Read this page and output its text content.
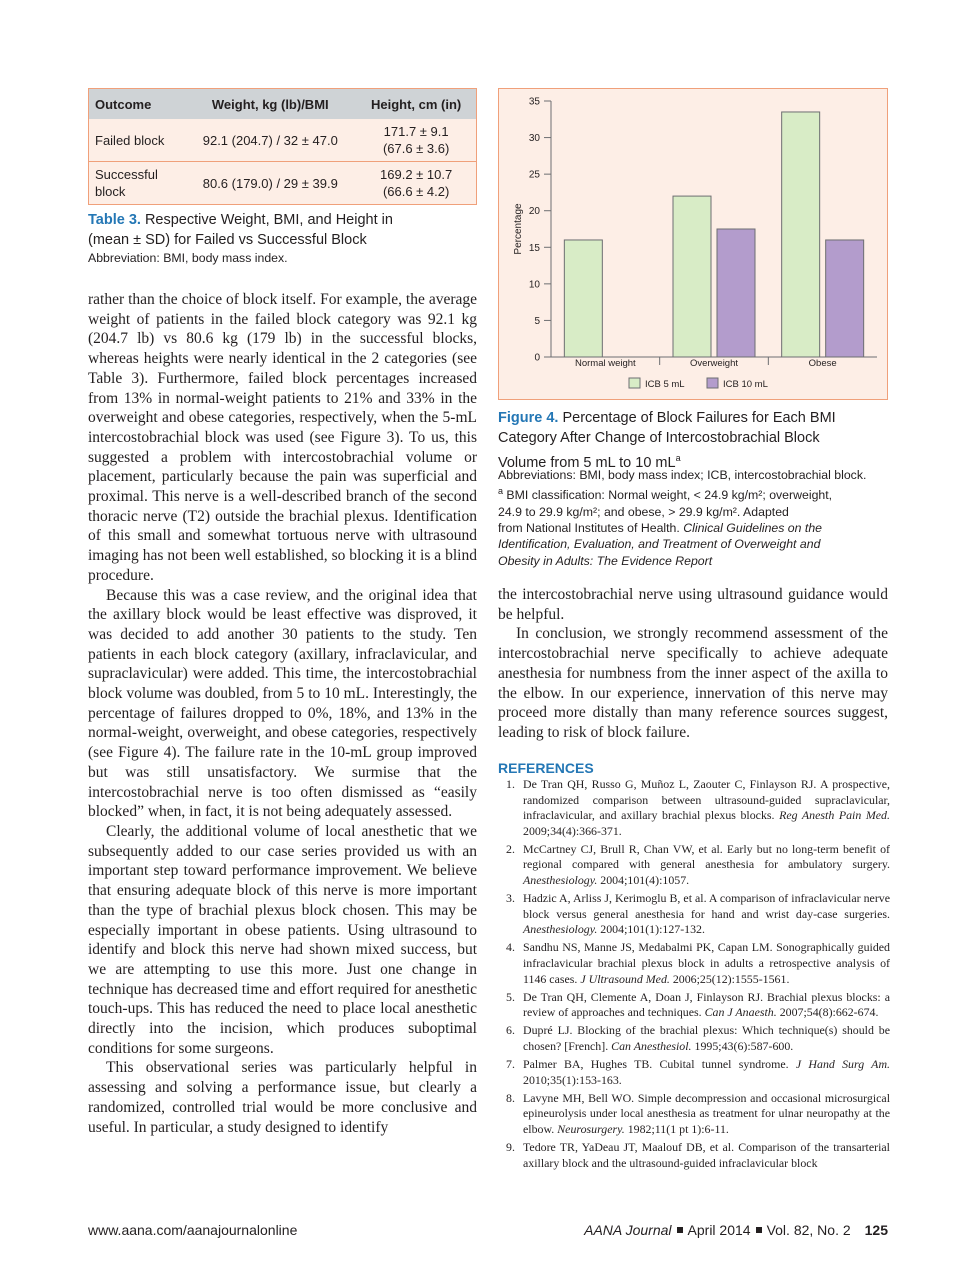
Outcome	Weight, kg (lb)/BMI	Height, cm (in)
Failed block	92.1 (204.7) / 32 ± 47.0	171.7 ± 9.1
(67.6 ± 3.6)
Successful
block	80.6 (179.0) / 29 ± 39.9	169.2 ± 10.7
(66.6 ± 4.2)
Table 3. Respective Weight, BMI, and Height in
(mean ± SD) for Failed vs Successful Block
Abbreviation: BMI, body mass index.

rather than the choice of block itself. For example, the average weight of patients in the failed block category was 92.1 kg (204.7 lb) vs 80.6 kg (179 lb) in the successful blocks, whereas heights were nearly identical in the 2 categories (see Table 3). Furthermore, failed block percentages increased from 13% in normal-weight patients to 21% and 33% in the overweight and obese categories, respectively, when the 5-mL intercostobrachial block was used (see Figure 3). To us, this suggested a problem with intercostobrachial volume or placement, particularly because the pain was superficial and proximal. This nerve is a well-described branch of the second thoracic nerve (T2) outside the brachial plexus. Identification of this small and somewhat tortuous nerve with ultrasound imaging has not been well established, so blocking it is a blind procedure.

Because this was a case review, and the original idea that the axillary block would be least effective was disproved, it was decided to add another 30 patients to the study. Ten patients in each block category (axillary, infraclavicular, and supraclavicular) were added. This time, the intercostobrachial block volume was doubled, from 5 to 10 mL. Interestingly, the percentage of failures dropped to 0%, 18%, and 13% in the normal-weight, overweight, and obese categories, respectively (see Figure 4). The failure rate in the 10-mL group improved but was still unsatisfactory. We surmise that the intercostobrachial nerve is too often dismissed as “easily blocked” when, in fact, it is not being adequately assessed.

Clearly, the additional volume of local anesthetic that we subsequently added to our case series provided us with an important step toward performance improvement. We believe that ensuring adequate block of this nerve is more important than the type of brachial plexus block chosen. This may be especially important in obese patients. Using ultrasound to identify and block this nerve had shown mixed success, but we are attempting to use this more. Just one change in technique has decreased time and effort required for anesthetic touch-ups. This has reduced the need to place local anesthetic directly into the incision, which produces suboptimal conditions for some surgeons.

This observational series was particularly helpful in assessing and solving a performance issue, but clearly a randomized, controlled trial would be more conclusive and useful. In particular, a study designed to identify

0
5
10
15
20
25
30
35
Percentage
Normal weight	Overweight	Obese
ICB 5 mL	ICB 10 mL
Figure 4. Percentage of Block Failures for Each BMI
Category After Change of Intercostobrachial Block
Volume from 5 mL to 10 $mL^a$
Abbreviations: BMI, body mass index; ICB, intercostobrachial block.
$^a$ BMI classification: Normal weight, < 24.9 kg/m²; overweight,
24.9 to 29.9 kg/m²; and obese, > 29.9 kg/m². Adapted
from National Institutes of Health. Clinical Guidelines on the
Identification, Evaluation, and Treatment of Overweight and
Obesity in Adults: The Evidence Report

the intercostobrachial nerve using ultrasound guidance would be helpful.

In conclusion, we strongly recommend assessment of the intercostobrachial nerve specifically to achieve adequate anesthesia for numbness from the inner aspect of the axilla to the elbow. In our experience, innervation of this nerve may proceed more distally than many reference sources suggest, leading to risk of block failure.

REFERENCES
1. De Tran QH, Russo G, Muñoz L, Zaouter C, Finlayson RJ. A prospective, randomized comparison between ultrasound-guided supraclavicular, infraclavicular, and axillary brachial plexus blocks. Reg Anesth Pain Med. 2009;34(4):366-371.
2. McCartney CJ, Brull R, Chan VW, et al. Early but no long-term benefit of regional compared with general anesthesia for ambulatory surgery. Anesthesiology. 2004;101(4):1057.
3. Hadzic A, Arliss J, Kerimoglu B, et al. A comparison of infraclavicular nerve block versus general anesthesia for hand and wrist day-case surgeries. Anesthesiology. 2004;101(1):127-132.
4. Sandhu NS, Manne JS, Medabalmi PK, Capan LM. Sonographically guided infraclavicular brachial plexus block in adults a retrospective analysis of 1146 cases. J Ultrasound Med. 2006;25(12):1555-1561.
5. De Tran QH, Clemente A, Doan J, Finlayson RJ. Brachial plexus blocks: a review of approaches and techniques. Can J Anaesth. 2007;54(8):662-674.
6. Dupré LJ. Blocking of the brachial plexus: Which technique(s) should be chosen? [French]. Can Anesthesiol. 1995;43(6):587-600.
7. Palmer BA, Hughes TB. Cubital tunnel syndrome. J Hand Surg Am. 2010;35(1):153-163.
8. Lavyne MH, Bell WO. Simple decompression and occasional microsurgical epineurolysis under local anesthesia as treatment for ulnar neuropathy at the elbow. Neurosurgery. 1982;11(1 pt 1):6-11.
9. Tedore TR, YaDeau JT, Maalouf DB, et al. Comparison of the transarterial axillary block and the ultrasound-guided infraclavicular block
www.aana.com/aanajournalonline	AANA Journal April 2014 Vol. 82, No. 2 125
